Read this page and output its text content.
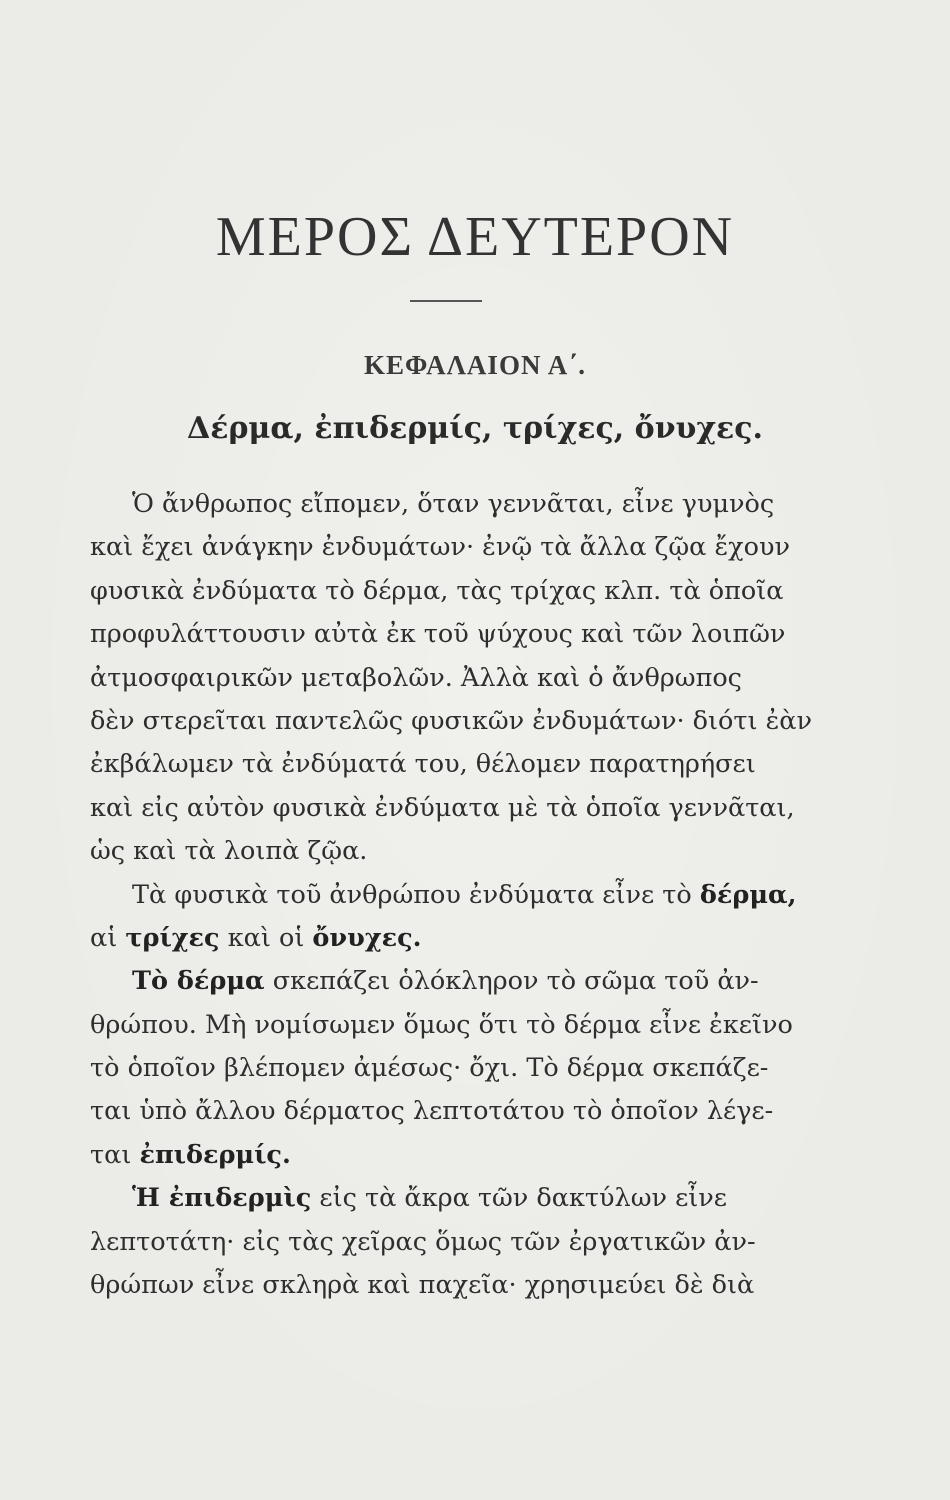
ΜΕΡΟΣ ΔΕΥΤΕΡΟΝ
ΚΕΦΑΛΑΙΟΝ Α΄.
Δέρμα, ἐπιδερμίς, τρίχες, ὄνυχες.
Ὁ ἄνθρωπος εἴπομεν, ὅταν γεννᾶται, εἶνε γυμνὸς
καὶ ἔχει ἀνάγκην ἐνδυμάτων· ἐνῷ τὰ ἄλλα ζῷα ἔχουν
φυσικὰ ἐνδύματα τὸ δέρμα, τὰς τρίχας κλπ. τὰ ὁποῖα
προφυλάττουσιν αὐτὰ ἐκ τοῦ ψύχους καὶ τῶν λοιπῶν
ἀτμοσφαιρικῶν μεταβολῶν. Ἀλλὰ καὶ ὁ ἄνθρωπος
δὲν στερεῖται παντελῶς φυσικῶν ἐνδυμάτων· διότι ἐὰν
ἐκβάλωμεν τὰ ἐνδύματά του, θέλομεν παρατηρήσει
καὶ εἰς αὐτὸν φυσικὰ ἐνδύματα μὲ τὰ ὁποῖα γεννᾶται,
ὡς καὶ τὰ λοιπὰ ζῷα.
Τὰ φυσικὰ τοῦ ἀνθρώπου ἐνδύματα εἶνε τὸ δέρμα,
αἱ τρίχες καὶ οἱ ὄνυχες.
Τὸ δέρμα σκεπάζει ὁλόκληρον τὸ σῶμα τοῦ ἀν-
θρώπου. Μὴ νομίσωμεν ὅμως ὅτι τὸ δέρμα εἶνε ἐκεῖνο
τὸ ὁποῖον βλέπομεν ἀμέσως· ὄχι. Τὸ δέρμα σκεπάζε-
ται ὑπὸ ἄλλου δέρματος λεπτοτάτου τὸ ὁποῖον λέγε-
ται ἐπιδερμίς.
Ἡ ἐπιδερμὶς εἰς τὰ ἄκρα τῶν δακτύλων εἶνε
λεπτοτάτη· εἰς τὰς χεῖρας ὅμως τῶν ἐργατικῶν ἀν-
θρώπων εἶνε σκληρὰ καὶ παχεῖα· χρησιμεύει δὲ διὰ
